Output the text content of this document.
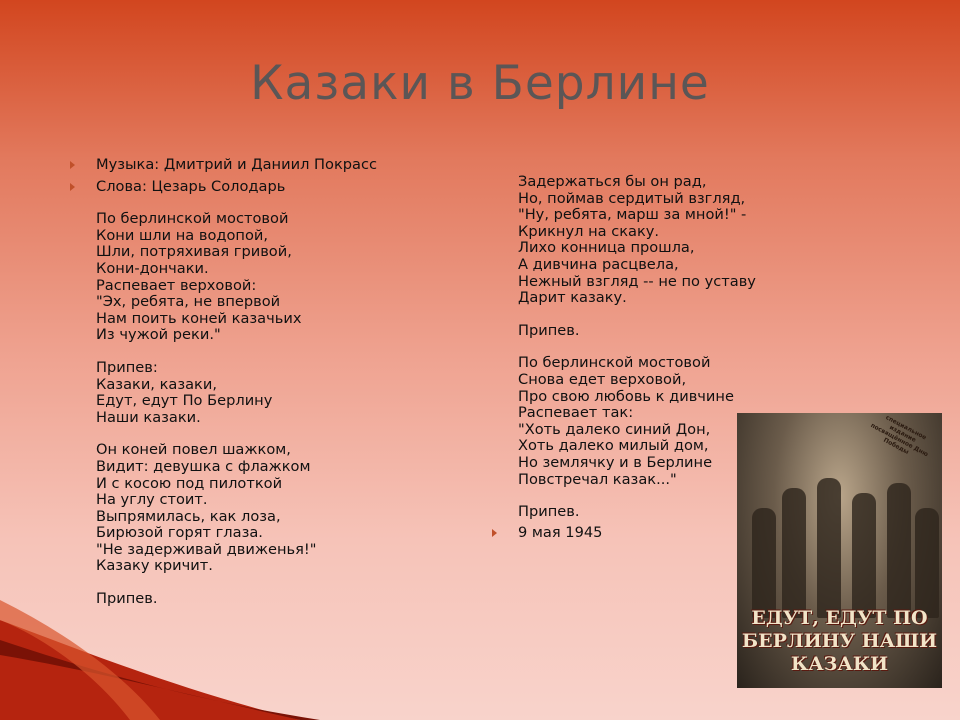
Казаки в Берлине
Музыка: Дмитрий и Даниил Покрасс
Слова: Цезарь Солодарь
По берлинской мостовой
Кони шли на водопой,
Шли, потряхивая гривой,
Кони-дончаки.
Распевает верховой:
"Эх, ребята, не впервой
Нам поить коней казачьих
Из чужой реки."
Припев:
Казаки, казаки,
Едут, едут По Берлину
Наши казаки.
Он коней повел шажком,
Видит: девушка с флажком
И с косою под пилоткой
На углу стоит.
Выпрямилась, как лоза,
Бирюзой горят глаза.
"Не задерживай движенья!"
Казаку кричит.
Припев.
Задержаться бы он рад,
Но, поймав сердитый взгляд,
"Ну, ребята, марш за мной!" -
Крикнул на скаку.
Лихо конница прошла,
А дивчина расцвела,
Нежный взгляд -- не по уставу
Дарит казаку.
Припев.
По берлинской мостовой
Снова едет верховой,
Про свою любовь к дивчине
Распевает так:
"Хоть далеко синий Дон,
Хоть далеко милый дом,
Но землячку и в Берлине
Повстречал казак..."
Припев.
9 мая 1945
специальное издание посвящённое Дню Победы
ЕДУТ, ЕДУТ ПО БЕРЛИНУ НАШИ КАЗАКИ
